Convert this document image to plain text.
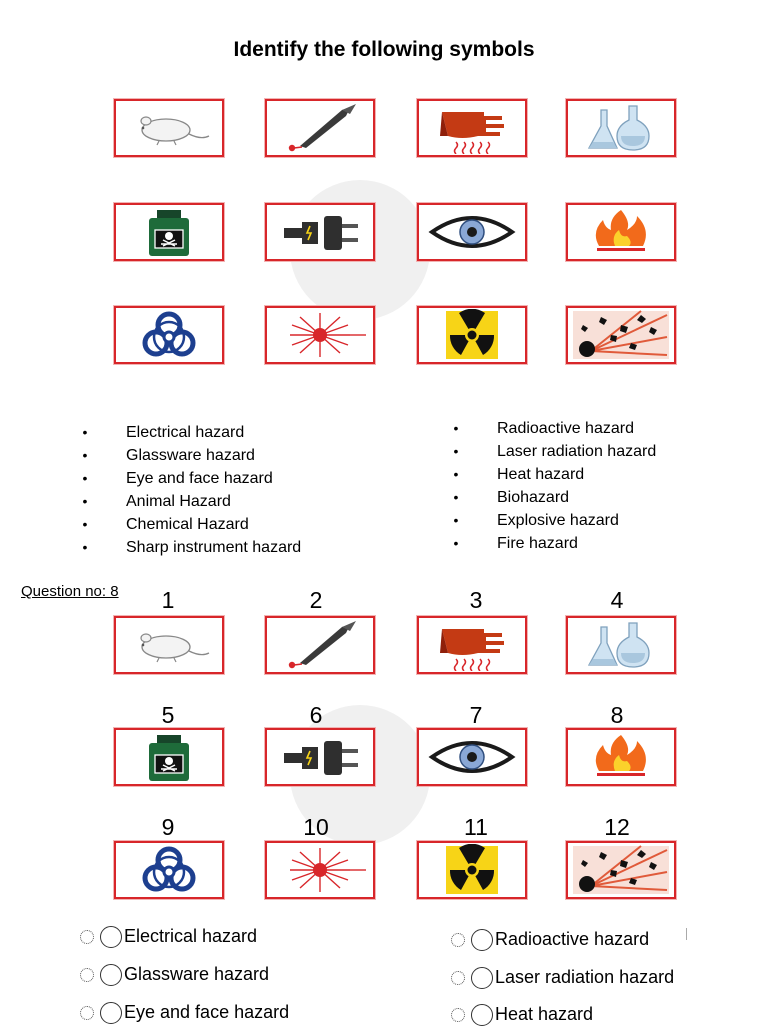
Identify the following symbols
• Electrical hazard
• Glassware hazard
• Eye and face hazard
• Animal Hazard
• Chemical Hazard
• Sharp instrument hazard
• Radioactive hazard
• Laser radiation hazard
• Heat hazard
• Biohazard
• Explosive hazard
• Fire hazard
Question no: 8	1	2	3	4
5	6	7	8
9	10	11	12
Electrical hazard
Glassware hazard
Eye and face hazard
Radioactive hazard
Laser radiation hazard
Heat hazard
